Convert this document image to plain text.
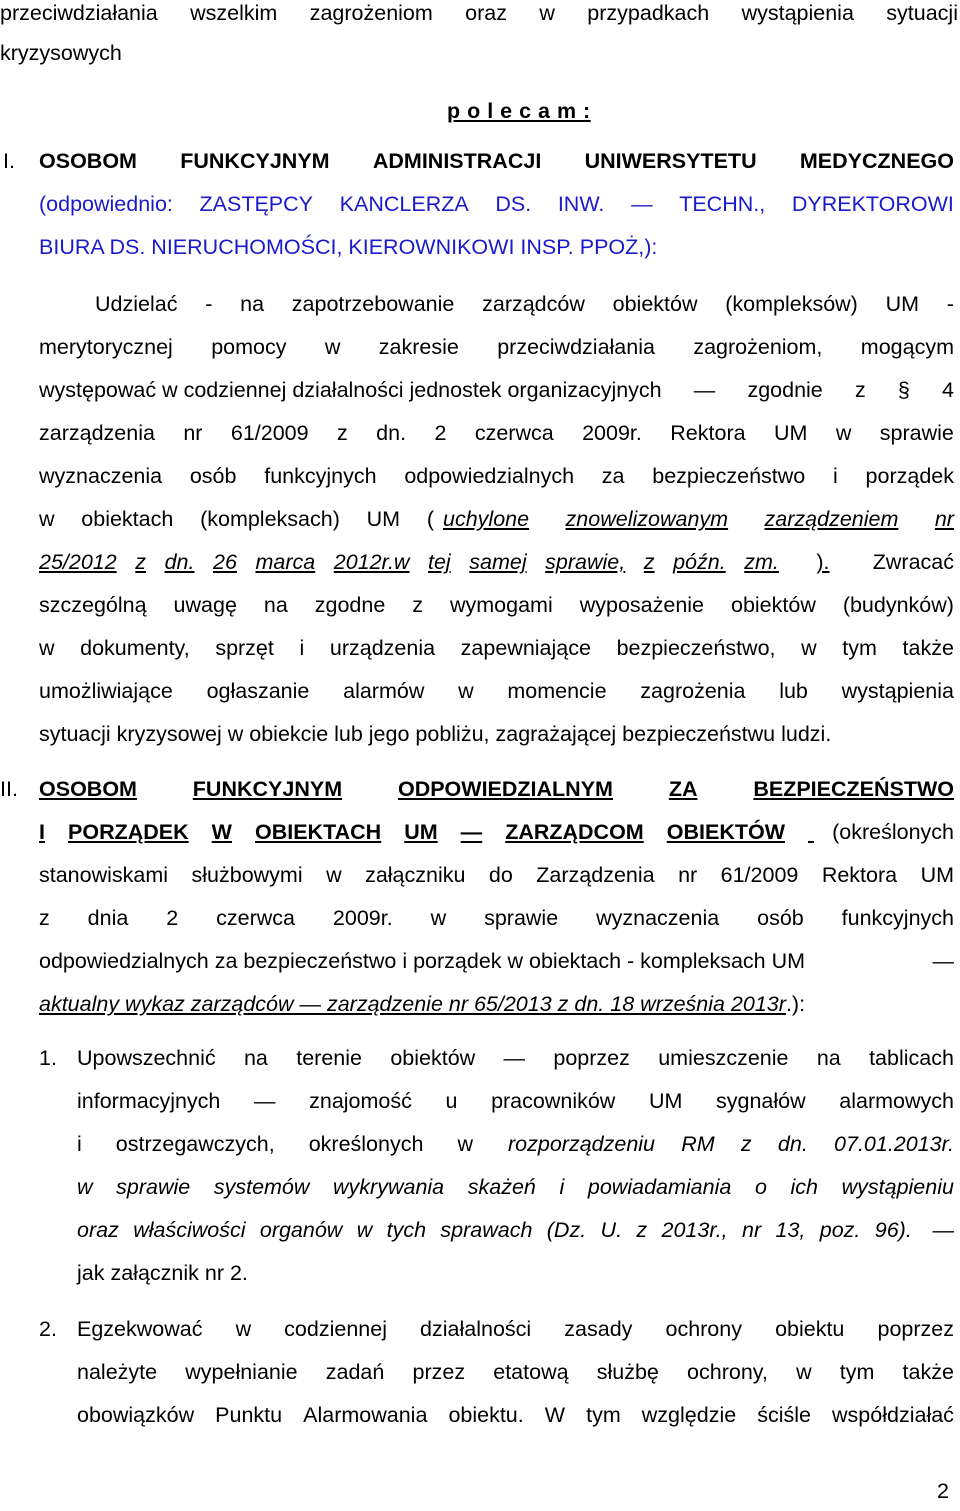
przeciwdziałania wszelkim zagrożeniom oraz w przypadkach wystąpienia sytuacji
kryzysowych
p o l e c a m :
I. OSOBOM FUNKCYJNYM ADMINISTRACJI UNIWERSYTETU MEDYCZNEGO
(odpowiednio: ZASTĘPCY KANCLERZA DS. INW. — TECHN., DYREKTOROWI
BIURA DS. NIERUCHOMOŚCI, KIEROWNIKOWI INSP. PPOŻ,):
Udzielać - na zapotrzebowanie zarządców obiektów (kompleksów) UM -
merytorycznej pomocy w zakresie przeciwdziałania zagrożeniom, mogącym
występować w codziennej działalności jednostek organizacyjnych — zgodnie z § 4
zarządzenia nr 61/2009 z dn. 2 czerwca 2009r. Rektora UM w sprawie
wyznaczenia osób funkcyjnych odpowiedzialnych za bezpieczeństwo i porządek
w obiektach (kompleksach) UM ( uchylone znowelizowanym zarządzeniem nr
25/2012 z dn. 26 marca 2012r.w tej samej sprawie, z późn. zm. ). Zwracać
szczególną uwagę na zgodne z wymogami wyposażenie obiektów (budynków)
w dokumenty, sprzęt i urządzenia zapewniające bezpieczeństwo, w tym także
umożliwiające ogłaszanie alarmów w momencie zagrożenia lub wystąpienia
sytuacji kryzysowej w obiekcie lub jego pobliżu, zagrażającej bezpieczeństwu ludzi.
II. OSOBOM	FUNKCYJNYM	ODPOWIEDZIALNYM	ZA	BEZPIECZEŃSTWO
I PORZĄDEK W OBIEKTACH UM — ZARZĄDCOM OBIEKTÓW
(określonych
stanowiskami służbowymi w załączniku do Zarządzenia nr 61/2009 Rektora UM
z dnia 2 czerwca 2009r. w sprawie wyznaczenia osób funkcyjnych
odpowiedzialnych za bezpieczeństwo i porządek w obiektach - kompleksach UM	—
aktualny wykaz zarządców — zarządzenie nr 65/2013 z dn. 18 września 2013r.):
1. Upowszechnić na terenie obiektów — poprzez umieszczenie na tablicach
informacyjnych — znajomość u pracowników UM sygnałów alarmowych
i ostrzegawczych, określonych w rozporządzeniu RM z dn. 07.01.2013r.
w sprawie systemów wykrywania skażeń i powiadamiania o ich wystąpieniu
oraz właściwości organów w tych sprawach (Dz. U. z 2013r., nr 13, poz. 96). —
jak załącznik nr 2.
2. Egzekwować w codziennej działalności zasady ochrony obiektu poprzez
należyte wypełnianie zadań przez etatową służbę ochrony, w tym także
obowiązków Punktu Alarmowania obiektu. W tym względzie ściśle współdziałać
2
